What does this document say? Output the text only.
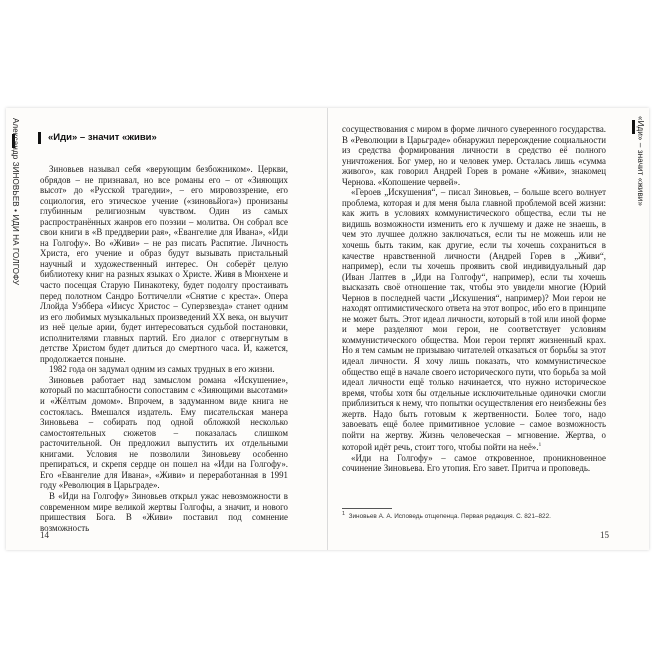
Александр ЗИНОВЬЕВ • ИДИ НА ГОЛГОФУ	«Иди» – значит «живи»

Зиновьев называл себя «верующим безбожником». Церкви, обрядов – не признавал, но все романы его – от «Зияющих высот» до «Русской трагедии», – его мировоззрение, его социология, его этическое учение («зиновьйога») пронизаны глубинным религиозным чувством. Один из самых распространённых жанров его поэзии – молитва. Он собрал все свои книги в «В преддверии рая», «Евангелие для Ивана», «Иди на Голгофу». Во «Живи» – не раз писать Распятие. Личность Христа, его учение и образ будут вызывать пристальный научный и художественный интерес. Он соберёт целую библиотеку книг на разных языках о Христе. Живя в Мюнхене и часто посещая Старую Пинакотеку, будет подолгу простаивать перед полотном Сандро Боттичелли «Снятие с креста». Опера Ллойда Уэббера «Иисус Христос – Суперзвезда» станет одним из его любимых музыкальных произведений XX века, он выучит из неё целые арии, будет интересоваться судьбой постановки, исполнителями главных партий. Его диалог с отвергнутым в детстве Христом будет длиться до смертного часа. И, кажется, продолжается поныне.

1982 года он задумал одним из самых трудных в его жизни.

Зиновьев работает над замыслом романа «Искушение», который по масштабности сопоставим с «Зияющими высотами» и «Жёлтым домом». Впрочем, в задуманном виде книга не состоялась. Вмешался издатель. Ему писательская манера Зиновьева – собирать под одной обложкой несколько самостоятельных сюжетов – показалась слишком расточительной. Он предложил выпустить их отдельными книгами. Условия не позволили Зиновьеву особенно препираться, и скрепя сердце он пошел на «Иди на Голгофу». Его «Евангелие для Ивана», «Живи» и переработанная в 1991 году «Революция в Царьграде».

В «Иди на Голгофу» Зиновьев открыл ужас невозможности в современном мире великой жертвы Голгофы, а значит, и нового пришествия Бога. В «Живи» поставил под сомнение возможность

14
«Иди» – значит «живи»

сосуществования с миром в форме личного суверенного государства. В «Революции в Царьграде» обнаружил перерождение социальности из средства формирования личности в средство её полного уничтожения. Бог умер, но и человек умер. Осталась лишь «сумма живого», как говорил Андрей Горев в романе «Живи», знакомец Чернова. «Копошение червей».

«Героев „Искушения“, – писал Зиновьев, – больше всего волнует проблема, которая и для меня была главной проблемой всей жизни: как жить в условиях коммунистического общества, если ты не видишь возможности изменить его к лучшему и даже не знаешь, в чем это лучшее должно заключаться, если ты не можешь или не хочешь быть таким, как другие, если ты хочешь сохраниться в качестве нравственной личности (Андрей Горев в „Живи“, например), если ты хочешь проявить свой индивидуальный дар (Иван Лаптев в „Иди на Голгофу“, например), если ты хочешь высказать своё отношение так, чтобы это увидели многие (Юрий Чернов в последней части „Искушения“, например)? Мои герои не находят оптимистического ответа на этот вопрос, ибо его в принципе не может быть. Этот идеал личности, который в той или иной форме и мере разделяют мои герои, не соответствует условиям коммунистического общества. Мои герои терпят жизненный крах. Но я тем самым не призываю читателей отказаться от борьбы за этот идеал личности. Я хочу лишь показать, что коммунистическое общество ещё в начале своего исторического пути, что борьба за мой идеал личности ещё только начинается, что нужно историческое время, чтобы хотя бы отдельные исключительные одиночки смогли приблизиться к нему, что попытки осуществления его неизбежны без жертв. Надо быть готовым к жертвенности. Более того, надо завоевать ещё более примитивное условие – самое возможность пойти на жертву. Жизнь человеческая – мгновение. Жертва, о которой идёт речь, стоит того, чтобы пойти на неё».$^1$

«Иди на Голгофу» – самое откровенное, проникновенное сочинение Зиновьева. Его утопия. Его завет. Притча и проповедь.

$^1$ Зиновьев А. А. Исповедь отщепенца. Первая редакция. С. 821–822.
15
